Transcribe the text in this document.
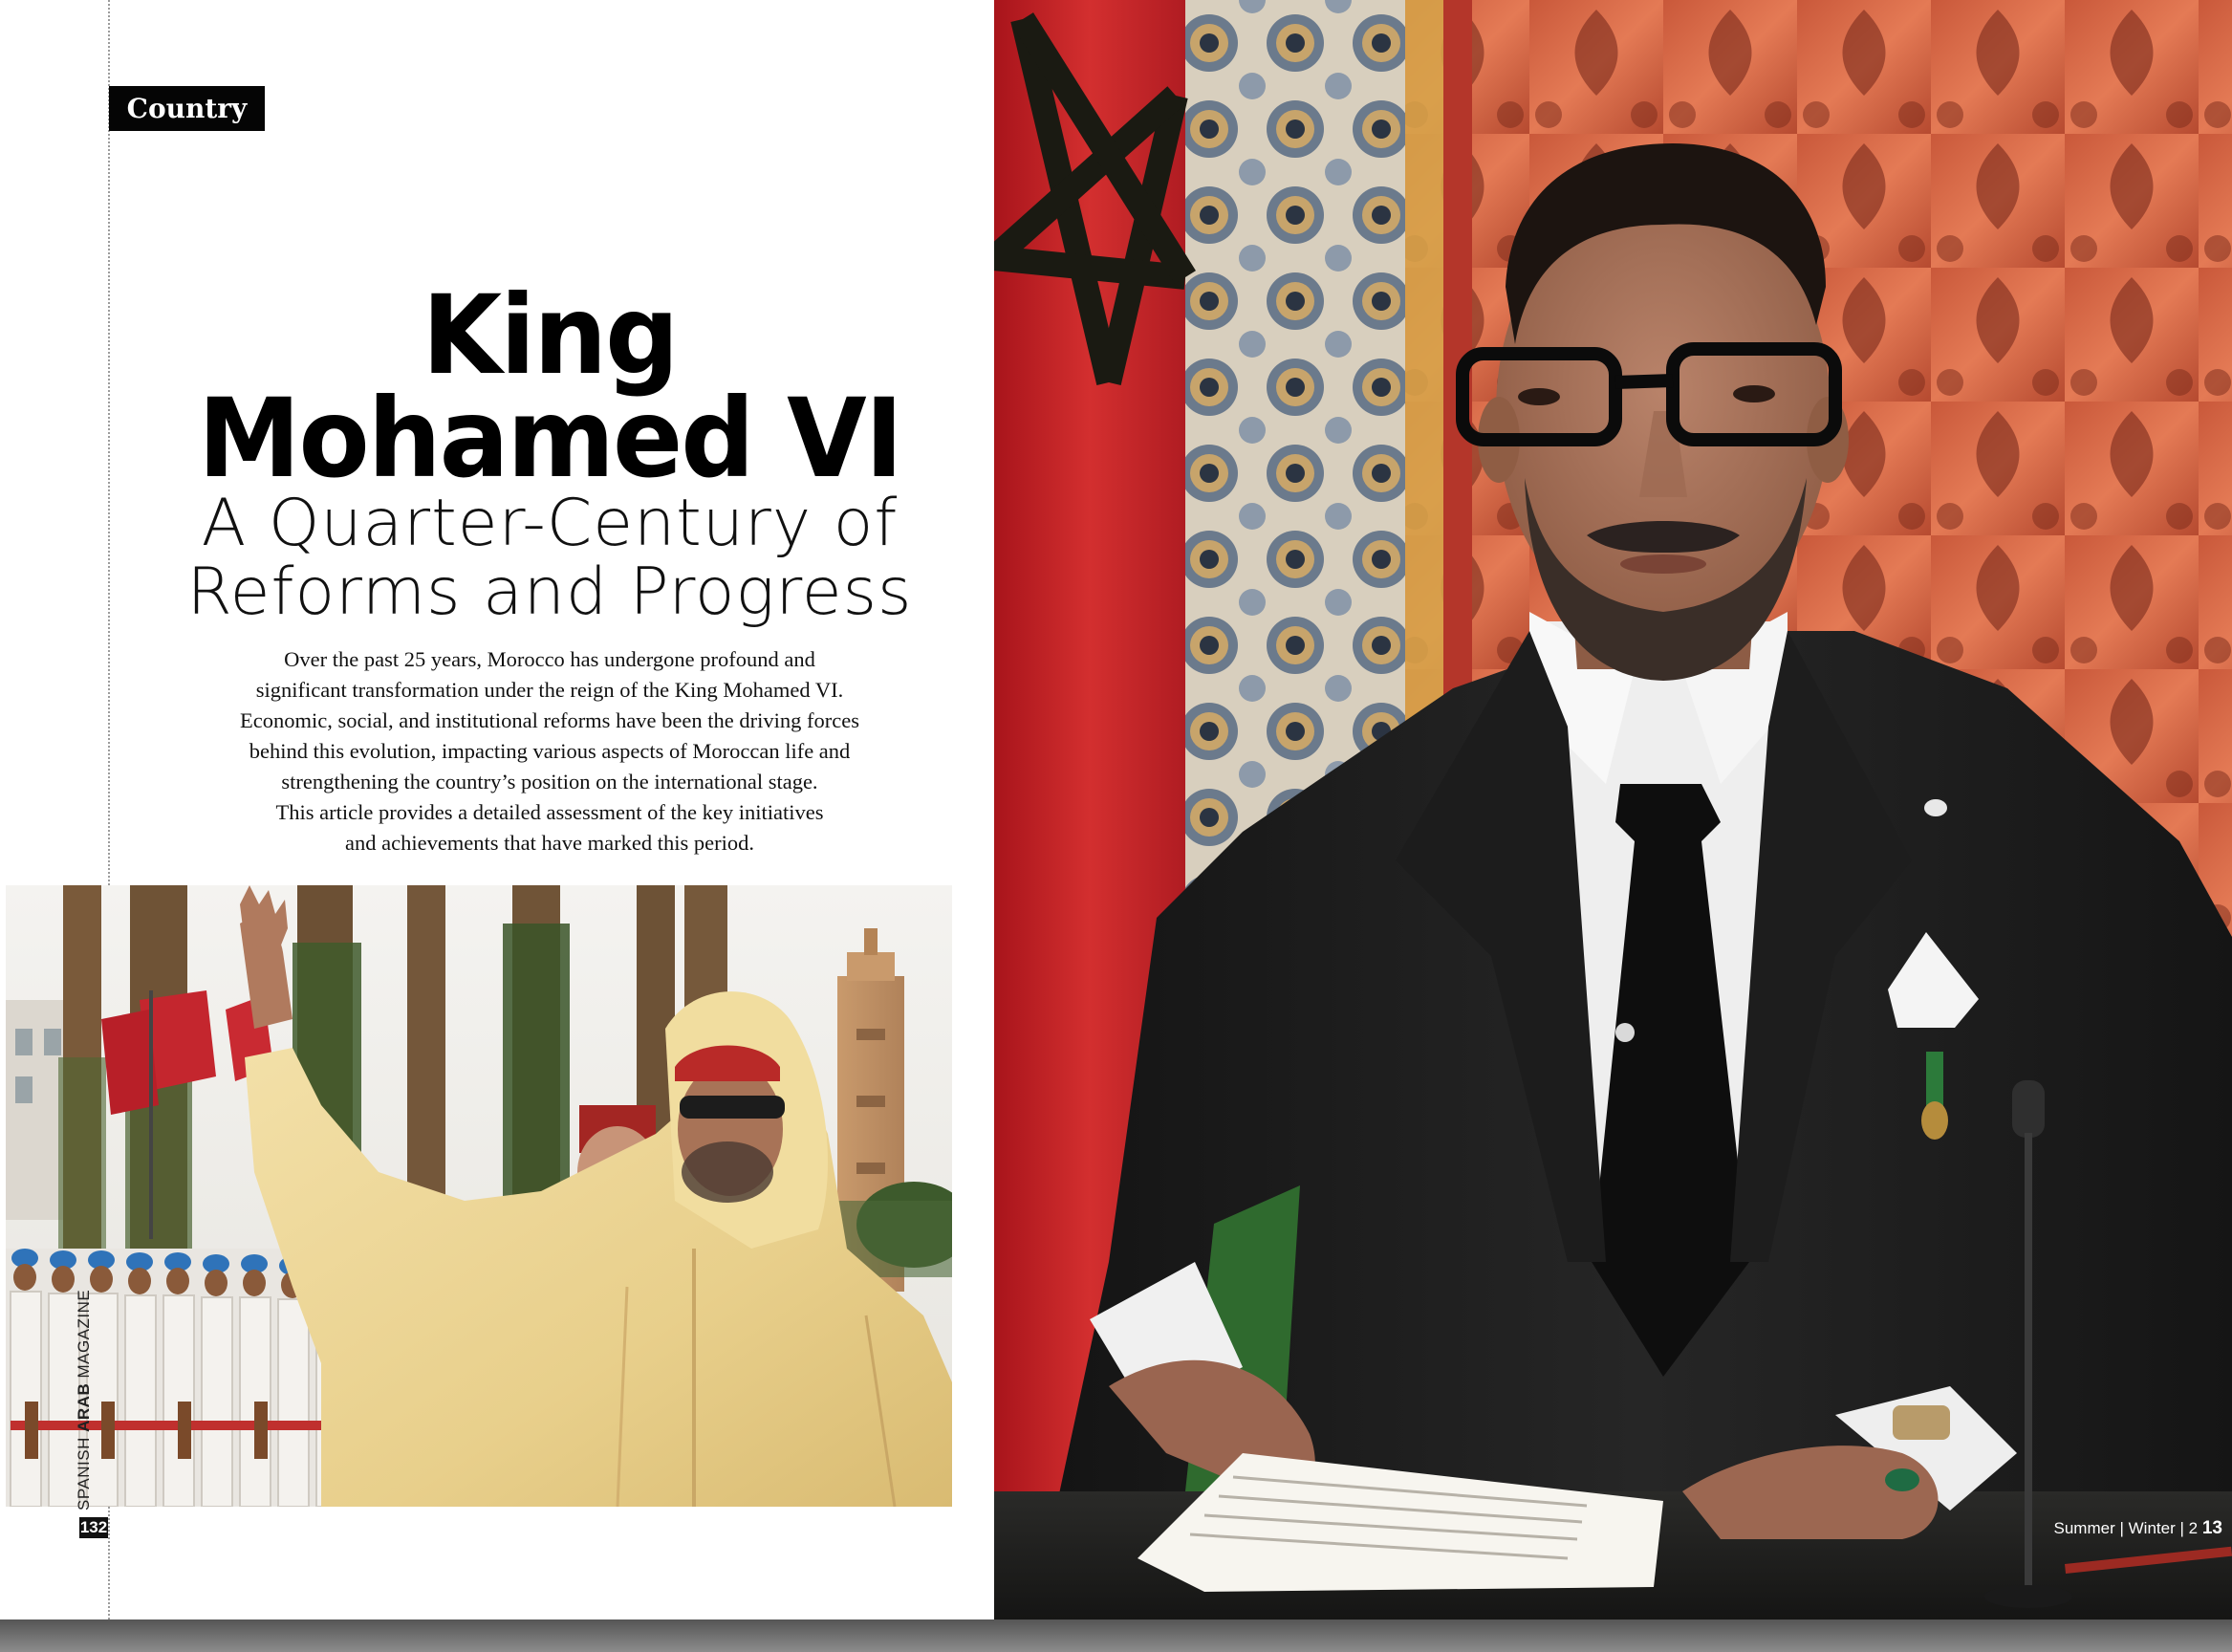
Country
King
Mohamed VI
A Quarter-Century of
Reforms and Progress
Over the past 25 years, Morocco has undergone profound and
significant transformation under the reign of the King Mohamed VI.
Economic, social, and institutional reforms have been the driving forces
behind this evolution, impacting various aspects of Moroccan life and
strengthening the country’s position on the international stage.
This article provides a detailed assessment of the key initiatives
and achievements that have marked this period.
SPANISH ARAB MAGAZINE
132	Summer | Winter | 2 13
